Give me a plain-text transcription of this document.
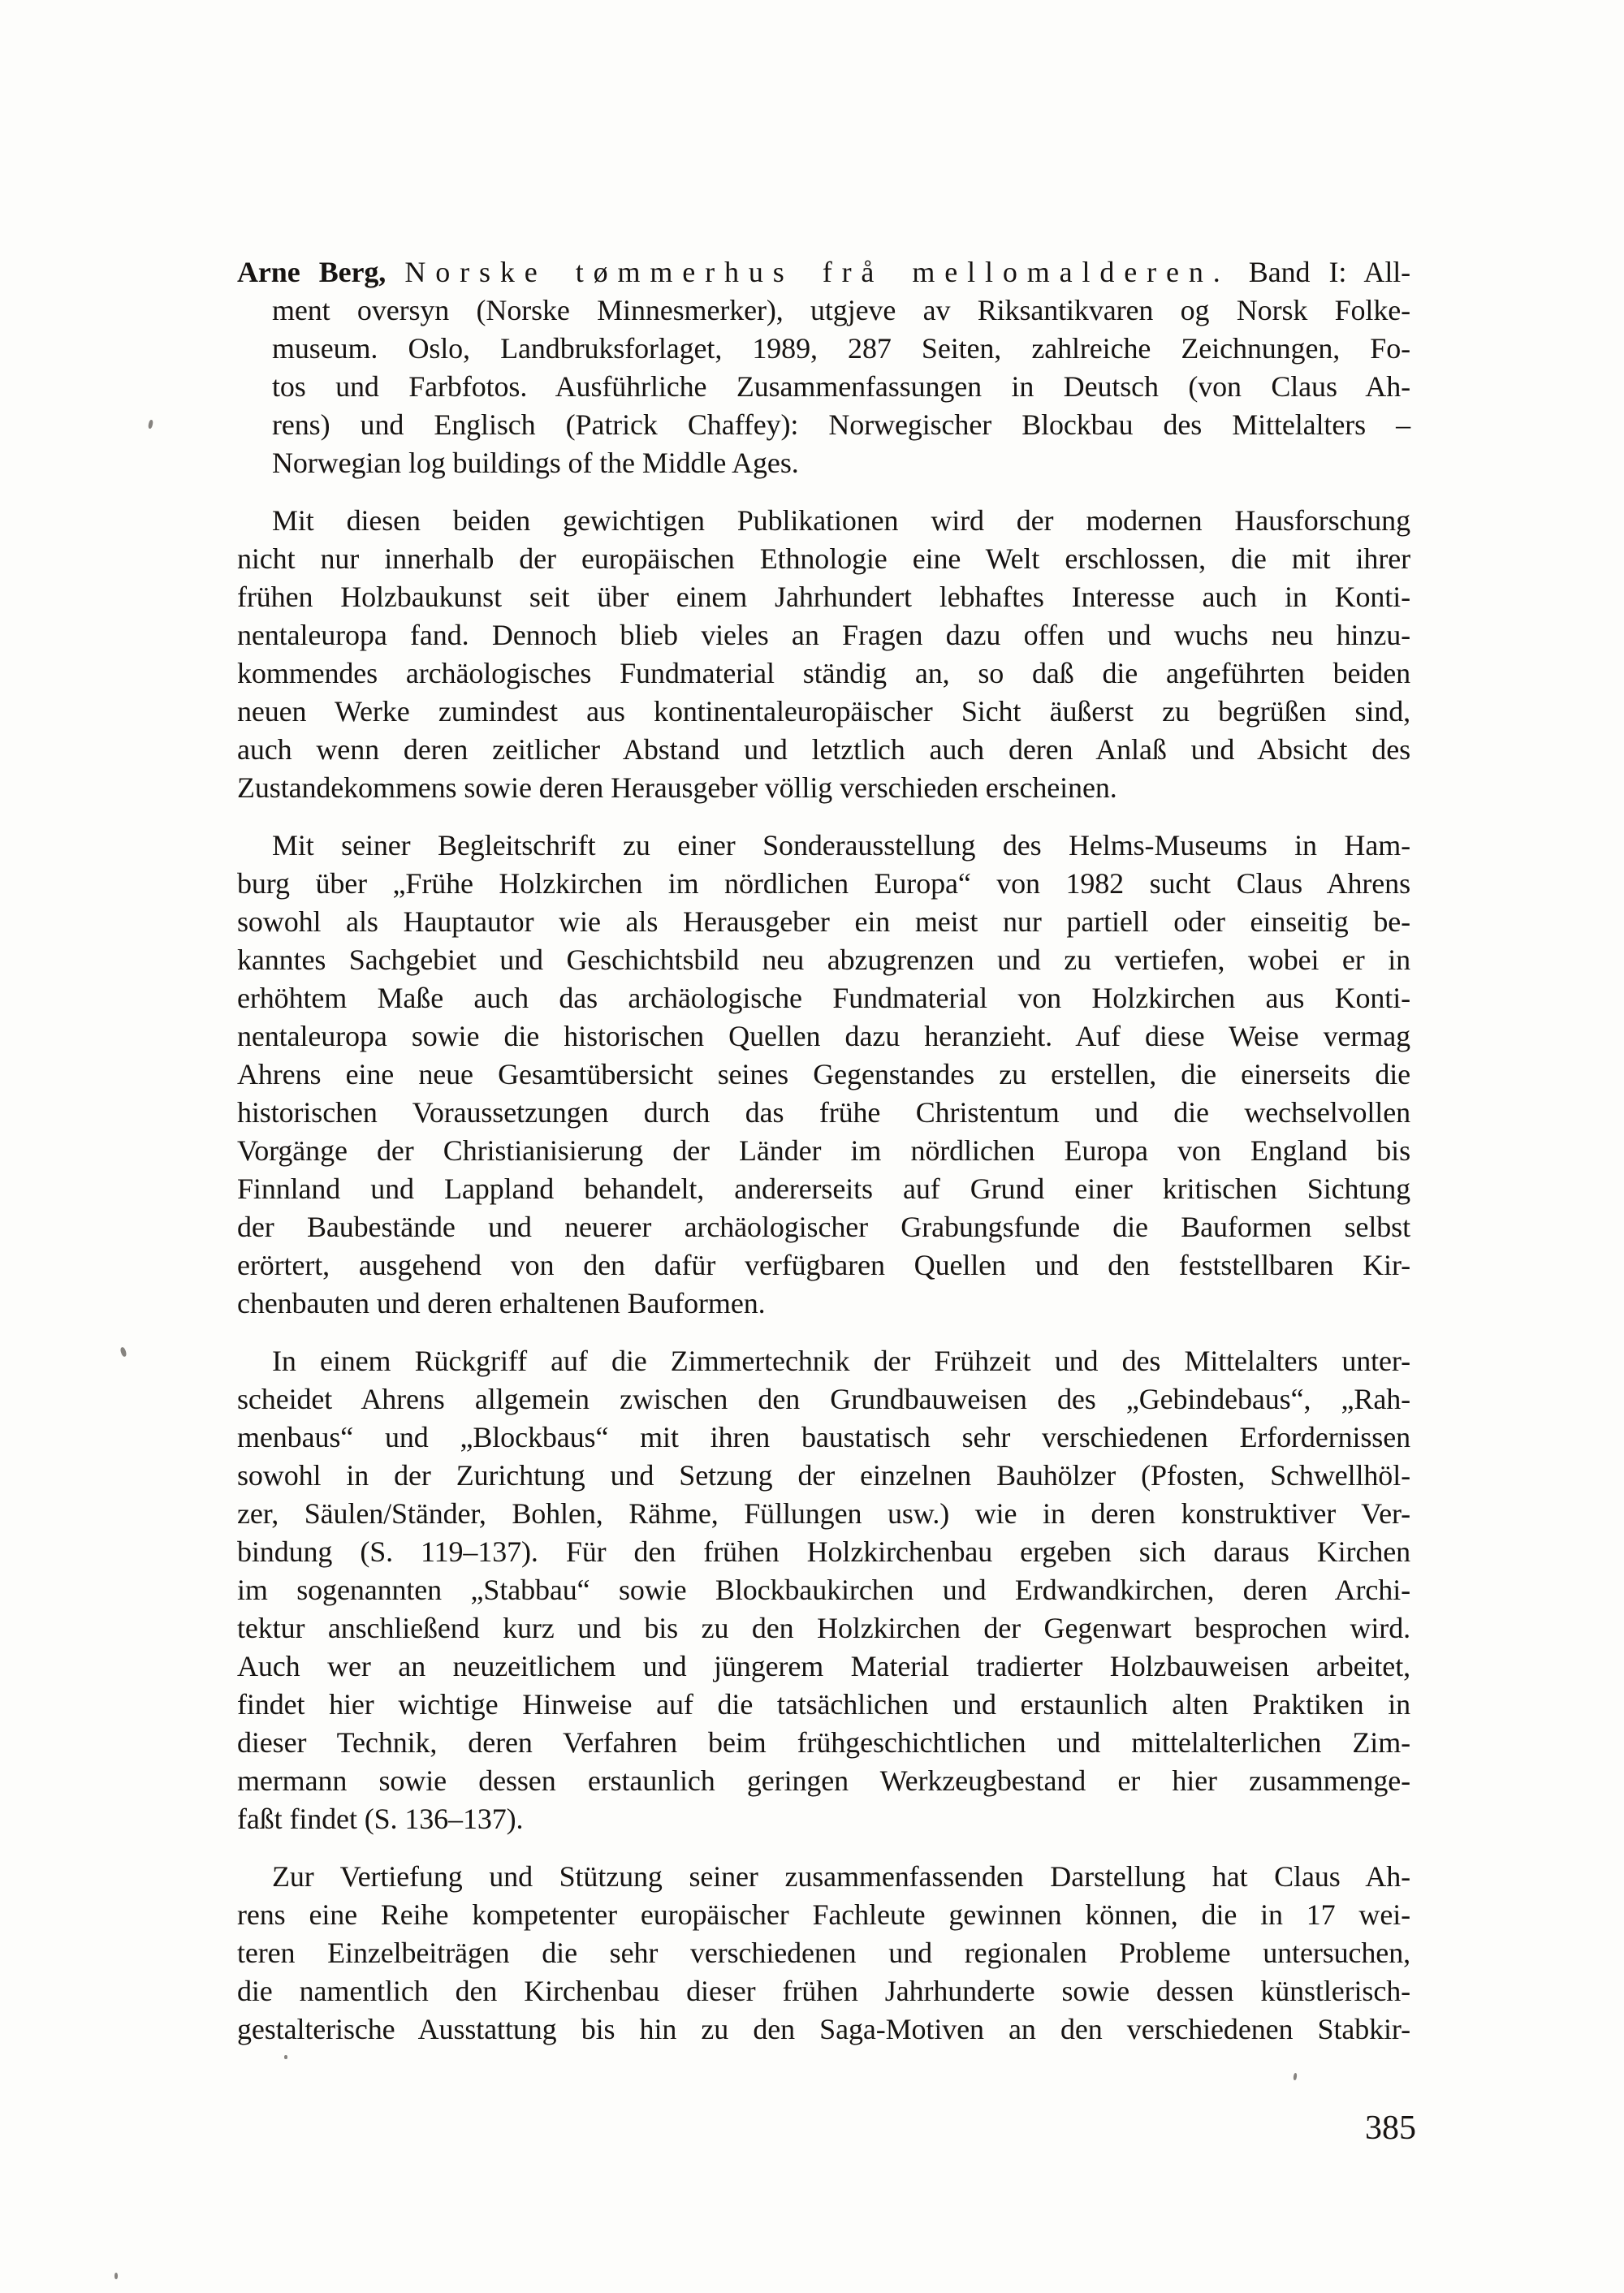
Arne Berg, Norske tømmerhus frå mellomalderen. Band I: All-
ment oversyn (Norske Minnesmerker), utgjeve av Riksantikvaren og Norsk Folke-
museum. Oslo, Landbruksforlaget, 1989, 287 Seiten, zahlreiche Zeichnungen, Fo-
tos und Farbfotos. Ausführliche Zusammenfassungen in Deutsch (von Claus Ah-
rens) und Englisch (Patrick Chaffey): Norwegischer Blockbau des Mittelalters –
Norwegian log buildings of the Middle Ages.
Mit diesen beiden gewichtigen Publikationen wird der modernen Hausforschung
nicht nur innerhalb der europäischen Ethnologie eine Welt erschlossen, die mit ihrer
frühen Holzbaukunst seit über einem Jahrhundert lebhaftes Interesse auch in Konti-
nentaleuropa fand. Dennoch blieb vieles an Fragen dazu offen und wuchs neu hinzu-
kommendes archäologisches Fundmaterial ständig an, so daß die angeführten beiden
neuen Werke zumindest aus kontinentaleuropäischer Sicht äußerst zu begrüßen sind,
auch wenn deren zeitlicher Abstand und letztlich auch deren Anlaß und Absicht des
Zustandekommens sowie deren Herausgeber völlig verschieden erscheinen.
Mit seiner Begleitschrift zu einer Sonderausstellung des Helms-Museums in Ham-
burg über „Frühe Holzkirchen im nördlichen Europa“ von 1982 sucht Claus Ahrens
sowohl als Hauptautor wie als Herausgeber ein meist nur partiell oder einseitig be-
kanntes Sachgebiet und Geschichtsbild neu abzugrenzen und zu vertiefen, wobei er in
erhöhtem Maße auch das archäologische Fundmaterial von Holzkirchen aus Konti-
nentaleuropa sowie die historischen Quellen dazu heranzieht. Auf diese Weise vermag
Ahrens eine neue Gesamtübersicht seines Gegenstandes zu erstellen, die einerseits die
historischen Voraussetzungen durch das frühe Christentum und die wechselvollen
Vorgänge der Christianisierung der Länder im nördlichen Europa von England bis
Finnland und Lappland behandelt, andererseits auf Grund einer kritischen Sichtung
der Baubestände und neuerer archäologischer Grabungsfunde die Bauformen selbst
erörtert, ausgehend von den dafür verfügbaren Quellen und den feststellbaren Kir-
chenbauten und deren erhaltenen Bauformen.
In einem Rückgriff auf die Zimmertechnik der Frühzeit und des Mittelalters unter-
scheidet Ahrens allgemein zwischen den Grundbauweisen des „Gebindebaus“, „Rah-
menbaus“ und „Blockbaus“ mit ihren baustatisch sehr verschiedenen Erfordernissen
sowohl in der Zurichtung und Setzung der einzelnen Bauhölzer (Pfosten, Schwellhöl-
zer, Säulen/Ständer, Bohlen, Rähme, Füllungen usw.) wie in deren konstruktiver Ver-
bindung (S. 119–137). Für den frühen Holzkirchenbau ergeben sich daraus Kirchen
im sogenannten „Stabbau“ sowie Blockbaukirchen und Erdwandkirchen, deren Archi-
tektur anschließend kurz und bis zu den Holzkirchen der Gegenwart besprochen wird.
Auch wer an neuzeitlichem und jüngerem Material tradierter Holzbauweisen arbeitet,
findet hier wichtige Hinweise auf die tatsächlichen und erstaunlich alten Praktiken in
dieser Technik, deren Verfahren beim frühgeschichtlichen und mittelalterlichen Zim-
mermann sowie dessen erstaunlich geringen Werkzeugbestand er hier zusammenge-
faßt findet (S. 136–137).
Zur Vertiefung und Stützung seiner zusammenfassenden Darstellung hat Claus Ah-
rens eine Reihe kompetenter europäischer Fachleute gewinnen können, die in 17 wei-
teren Einzelbeiträgen die sehr verschiedenen und regionalen Probleme untersuchen,
die namentlich den Kirchenbau dieser frühen Jahrhunderte sowie dessen künstlerisch-
gestalterische Ausstattung bis hin zu den Saga-Motiven an den verschiedenen Stabkir-
385
